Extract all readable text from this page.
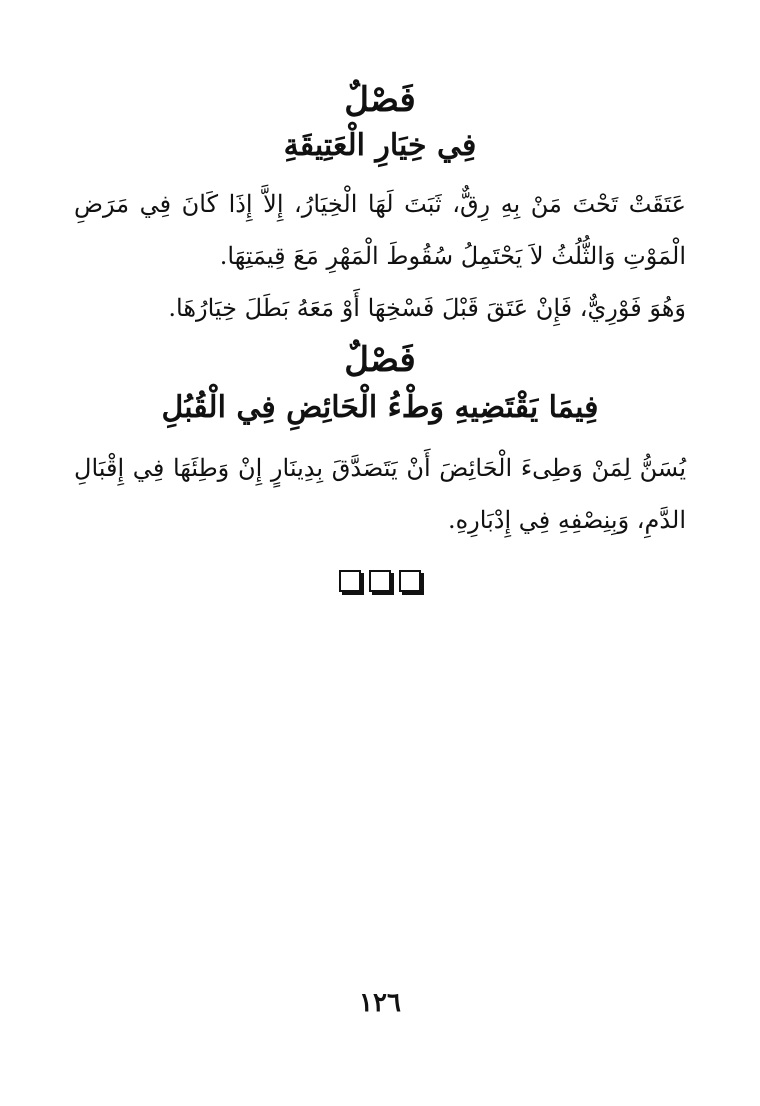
فَصْلٌ
فِي خِيَارِ الْعَتِيقَةِ
عَتَقَتْ تَحْتَ مَنْ بِهِ رِقٌّ، ثَبَتَ لَهَا الْخِيَارُ، إِلاَّ إِذَا كَانَ فِي مَرَضِ الْمَوْتِ وَالثُّلُثُ لاَ يَحْتَمِلُ سُقُوطَ الْمَهْرِ مَعَ قِيمَتِهَا.
وَهُوَ فَوْرِيٌّ، فَإِنْ عَتَقَ قَبْلَ فَسْخِهَا أَوْ مَعَهُ بَطَلَ خِيَارُهَا.
فَصْلٌ
فِيمَا يَقْتَضِيهِ وَطْءُ الْحَائِضِ فِي الْقُبُلِ
يُسَنُّ لِمَنْ وَطِىءَ الْحَائِضَ أَنْ يَتَصَدَّقَ بِدِينَارٍ إِنْ وَطِئَهَا فِي إِقْبَالِ الدَّمِ، وَبِنِصْفِهِ فِي إِدْبَارِهِ.
١٢٦
